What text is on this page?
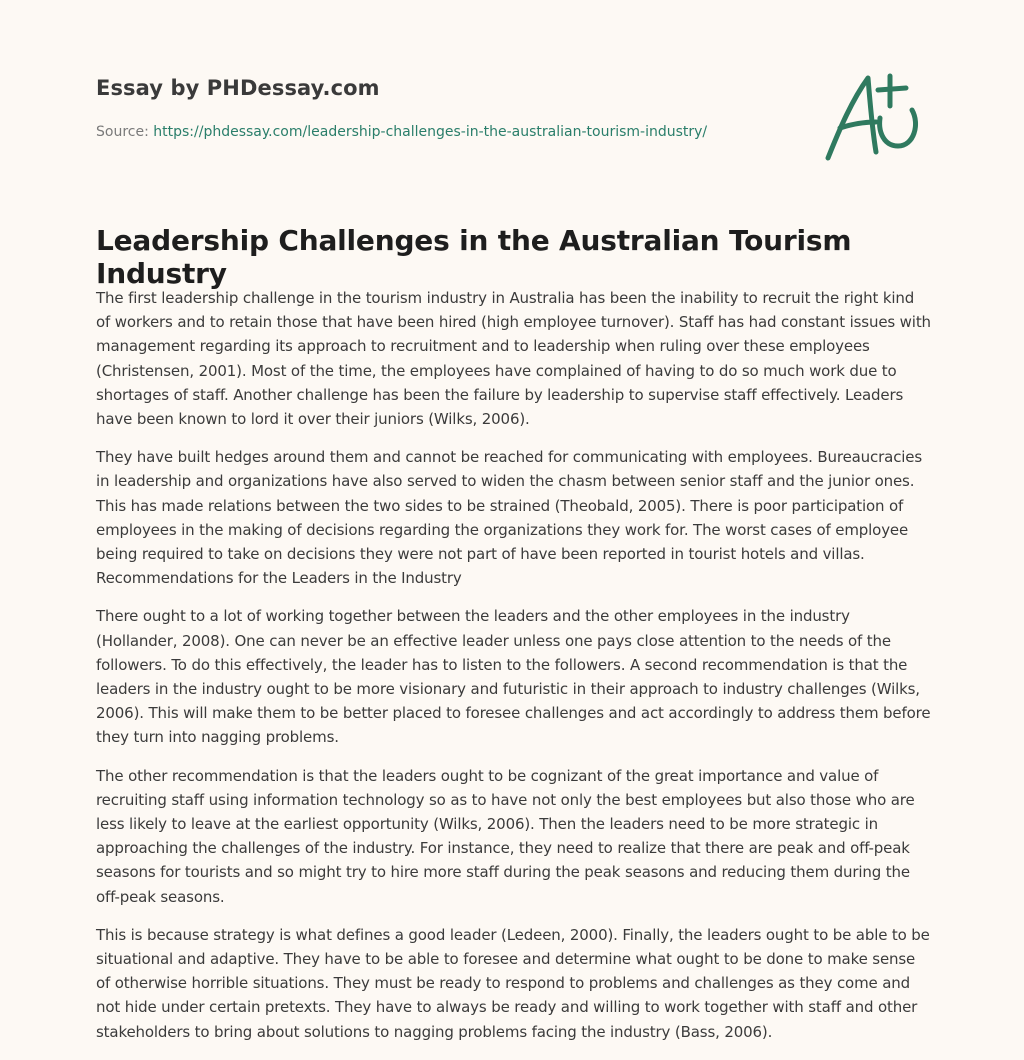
Essay by PHDessay.com
Source: https://phdessay.com/leadership-challenges-in-the-australian-tourism-industry/
Leadership Challenges in the Australian Tourism Industry

The first leadership challenge in the tourism industry in Australia has been the inability to recruit the right kind of workers and to retain those that have been hired (high employee turnover). Staff has had constant issues with management regarding its approach to recruitment and to leadership when ruling over these employees (Christensen, 2001). Most of the time, the employees have complained of having to do so much work due to shortages of staff. Another challenge has been the failure by leadership to supervise staff effectively. Leaders have been known to lord it over their juniors (Wilks, 2006).

They have built hedges around them and cannot be reached for communicating with employees. Bureaucracies in leadership and organizations have also served to widen the chasm between senior staff and the junior ones. This has made relations between the two sides to be strained (Theobald, 2005). There is poor participation of employees in the making of decisions regarding the organizations they work for. The worst cases of employee being required to take on decisions they were not part of have been reported in tourist hotels and villas. Recommendations for the Leaders in the Industry

There ought to a lot of working together between the leaders and the other employees in the industry (Hollander, 2008). One can never be an effective leader unless one pays close attention to the needs of the followers. To do this effectively, the leader has to listen to the followers. A second recommendation is that the leaders in the industry ought to be more visionary and futuristic in their approach to industry challenges (Wilks, 2006). This will make them to be better placed to foresee challenges and act accordingly to address them before they turn into nagging problems.

The other recommendation is that the leaders ought to be cognizant of the great importance and value of recruiting staff using information technology so as to have not only the best employees but also those who are less likely to leave at the earliest opportunity (Wilks, 2006). Then the leaders need to be more strategic in approaching the challenges of the industry. For instance, they need to realize that there are peak and off-peak seasons for tourists and so might try to hire more staff during the peak seasons and reducing them during the off-peak seasons.

This is because strategy is what defines a good leader (Ledeen, 2000). Finally, the leaders ought to be able to be situational and adaptive. They have to be able to foresee and determine what ought to be done to make sense of otherwise horrible situations. They must be ready to respond to problems and challenges as they come and not hide under certain pretexts. They have to always be ready and willing to work together with staff and other stakeholders to bring about solutions to nagging problems facing the industry (Bass, 2006).
